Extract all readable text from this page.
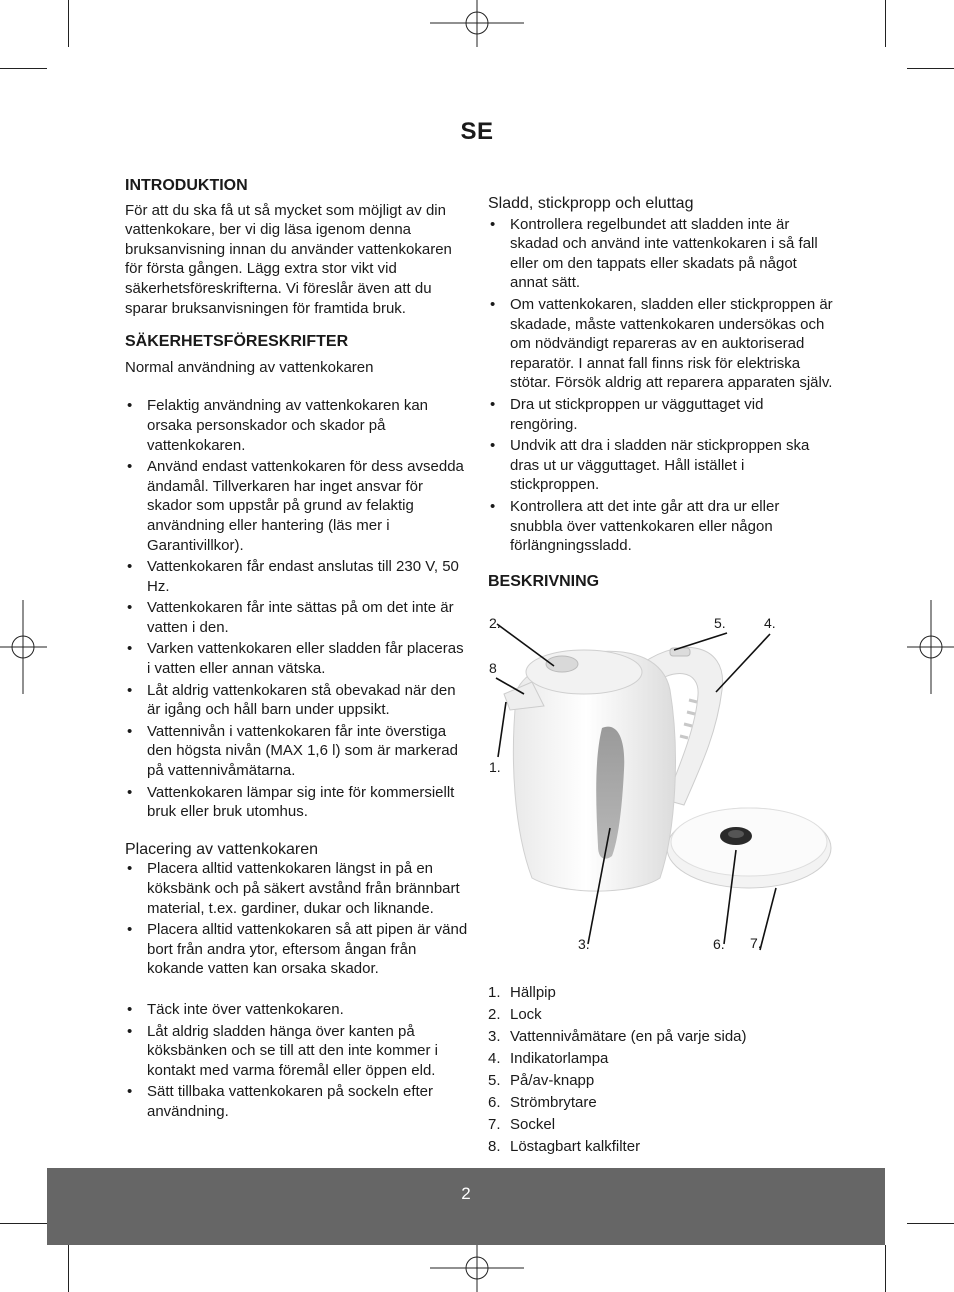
SE
INTRODUKTION
För att du ska få ut så mycket som möjligt av din
vattenkokare, ber vi dig läsa igenom denna
bruksanvisning innan du använder vattenkokaren
för första gången. Lägg extra stor vikt vid
säkerhetsföreskrifterna. Vi föreslår även att du
sparar bruksanvisningen för framtida bruk.
SÄKERHETSFÖRESKRIFTER

Normal användning av vattenkokaren

• Felaktig användning av vattenkokaren kan orsaka personskador och skador på vattenkokaren.
• Använd endast vattenkokaren för dess avsedda ändamål. Tillverkaren har inget ansvar för skador som uppstår på grund av felaktig användning eller hantering (läs mer i Garantivillkor).
• Vattenkokaren får endast anslutas till 230 V, 50 Hz.
• Vattenkokaren får inte sättas på om det inte är vatten i den.
• Varken vattenkokaren eller sladden får placeras i vatten eller annan vätska.
• Låt aldrig vattenkokaren stå obevakad när den är igång och håll barn under uppsikt.
• Vattennivån i vattenkokaren får inte överstiga den högsta nivån (MAX 1,6 l) som är markerad på vattennivåmätarna.
• Vattenkokaren lämpar sig inte för kommersiellt bruk eller bruk utomhus.
Placering av vattenkokaren
• Placera alltid vattenkokaren längst in på en köksbänk och på säkert avstånd från brännbart material, t.ex. gardiner, dukar och liknande.
• Placera alltid vattenkokaren så att pipen är vänd bort från andra ytor, eftersom ångan från kokande vatten kan orsaka skador.
• Täck inte över vattenkokaren.
• Låt aldrig sladden hänga över kanten på köksbänken och se till att den inte kommer i kontakt med varma föremål eller öppen eld.
• Sätt tillbaka vattenkokaren på sockeln efter användning.
Sladd, stickpropp och eluttag
• Kontrollera regelbundet att sladden inte är skadad och använd inte vattenkokaren i så fall eller om den tappats eller skadats på något annat sätt.
• Om vattenkokaren, sladden eller stickproppen är skadade, måste vattenkokaren undersökas och om nödvändigt repareras av en auktoriserad reparatör. I annat fall finns risk för elektriska stötar. Försök aldrig att reparera apparaten själv.
• Dra ut stickproppen ur vägguttaget vid rengöring.
• Undvik att dra i sladden när stickproppen ska dras ut ur vägguttaget. Håll istället i stickproppen.
• Kontrollera att det inte går att dra ur eller snubbla över vattenkokaren eller någon förlängningssladd.
BESKRIVNING
1.
2.
3.
4.
5.
6. 7.
8
1. Hällpip
2. Lock
3. Vattennivåmätare (en på varje sida)
4. Indikatorlampa
5. På/av-knapp
6. Strömbrytare
7. Sockel
8. Löstagbart kalkfilter
2
